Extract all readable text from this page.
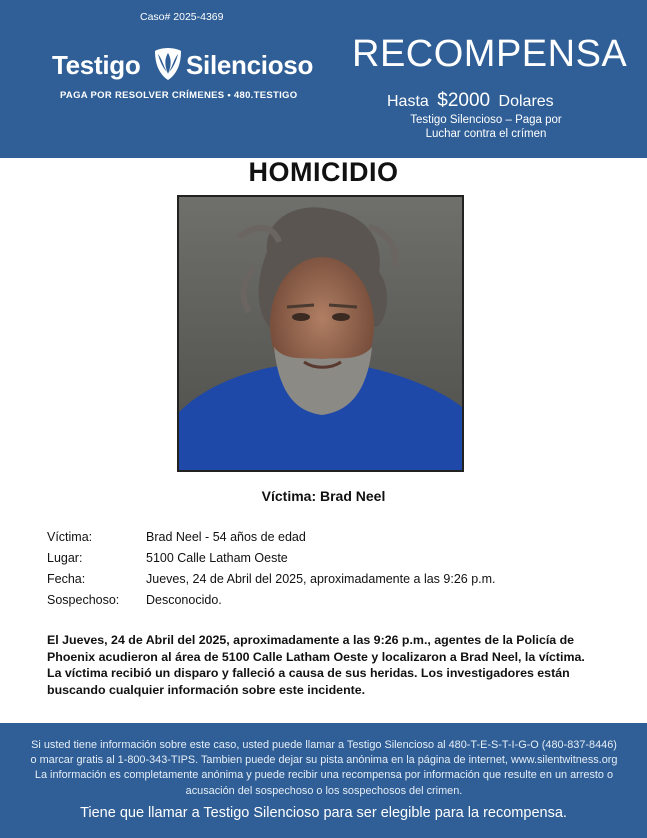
Caso# 2025-4369
Testigo Silencioso
PAGA POR RESOLVER CRÍMENES • 480.TESTIGO
RECOMPENSA
Hasta $2000 Dolares
Testigo Silencioso – Paga por
Luchar contra el crímen
HOMICIDIO
Víctima: Brad Neel
Víctima:	Brad Neel - 54 años de edad
Lugar:	5100 Calle Latham Oeste
Fecha:	Jueves, 24 de Abril del 2025, aproximadamente a las 9:26 p.m.
Sospechoso:	Desconocido.
El Jueves, 24 de Abril del 2025, aproximadamente a las 9:26 p.m., agentes de la Policía de Phoenix acudieron al área de 5100 Calle Latham Oeste y localizaron a Brad Neel, la víctima. La víctima recibió un disparo y falleció a causa de sus heridas. Los investigadores están buscando cualquier información sobre este incidente.
Si usted tiene información sobre este caso, usted puede llamar a Testigo Silencioso al 480-T-E-S-T-I-G-O (480-837-8446) o marcar gratis al 1-800-343-TIPS. Tambien puede dejar su pista anónima en la página de internet, www.silentwitness.org La información es completamente anónima y puede recibir una recompensa por información que resulte en un arresto o acusación del sospechoso o los sospechosos del crimen.
Tiene que llamar a Testigo Silencioso para ser elegible para la recompensa.
